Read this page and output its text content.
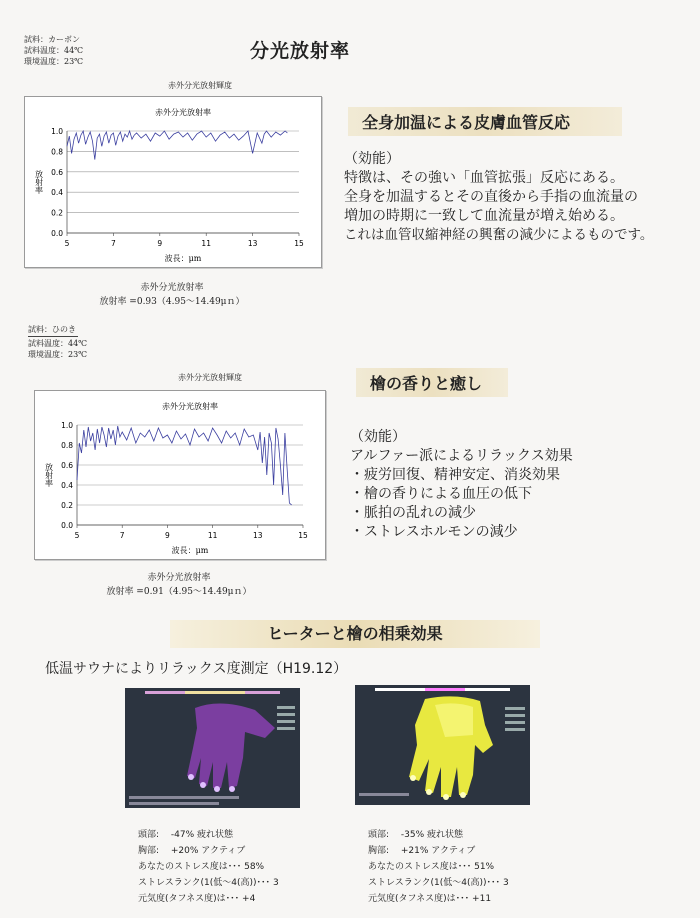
分光放射率
試料：カーボン
試料温度：44℃
環境温度：23℃
赤外分光放射輝度
赤外分光放射率
0.0
0.2
0.4
0.6
0.8
1.0
5	7	9	11	13	15
波長：μm
放射率
赤外分光放射率
放射率 =0.93（4.95〜14.49μｎ）
試料：ひのき
試料温度：44℃
環境温度：23℃
赤外分光放射輝度
赤外分光放射率
0.0
0.2
0.4
0.6
0.8
1.0
5	7	9	11	13	15
波長：μm
放射率
赤外分光放射率
放射率 =0.91（4.95〜14.49μｎ）
全身加温による皮膚血管反応
（効能）
特徴は、その強い「血管拡張」反応にある。
全身を加温するとその直後から手指の血流量の
増加の時期に一致して血流量が増え始める。
これは血管収縮神経の興奮の減少によるものです。
檜の香りと癒し
（効能）
アルファー派によるリラックス効果
・疲労回復、精神安定、消炎効果
・檜の香りによる血圧の低下
・脈拍の乱れの減少
・ストレスホルモンの減少
ヒーターと檜の相乗効果
低温サウナによりリラックス度測定（H19.12）
頭部: -47% 疲れ状態
胸部: +20% アクティブ
あなたのストレス度は･･･ 58%
ストレスランク(1(低〜4(高))･･･ 3
元気度(タフネス度)は･･･ +4
頭部: -35% 疲れ状態
胸部: +21% アクティブ
あなたのストレス度は･･･ 51%
ストレスランク(1(低〜4(高))･･･ 3
元気度(タフネス度)は･･･ +11
